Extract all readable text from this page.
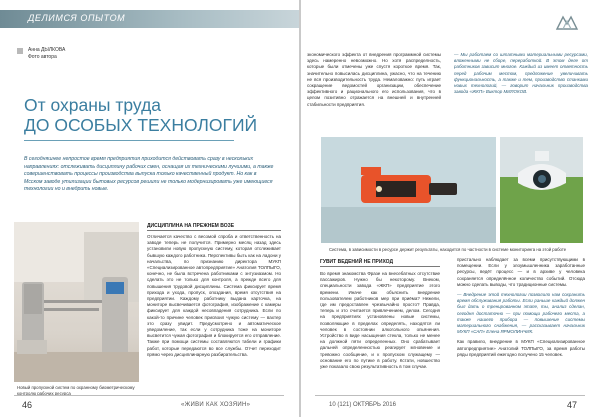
ДЕЛИМСЯ ОПЫТОМ
Анна ДЫЛКОВА
Фото автора
От охраны труда
ДО ОСОБЫХ ТЕХНОЛОГИЙ
В сегодняшнее непростое время предприятия приходится действовать сразу в нескольких направлениях: отслеживать дисциплину рабочих смен, оснащая их техническими лучшими, а также совершенствовать процессы производства выпуска только качественный продукт. Но как в Мсском заводе утилизации бытовых ресурсов решили не только модернизировать уже имеющиеся технологии но и внедрить новые.
Новый пропускной систем по охранному биометрическому контролю рабочих ресурса
ДИСЦИПЛИНА НА ПРЕЖНЕМ ВОЗЕ
Отличается качество с весомой спроба и ответственность на заводе теперь не получится. Примерно месяц назад здесь установили новую пропускную систему, которая отслеживает бывшую каждого работника. Перспективы быть как на ладони у начальства, по признанию директора МУКП «Специализированное автопредприятие» Анатолия ТОЛПЫГО, конечно, не была встречена работниками с энтузиазмом. Но сделать это не только для контроля, а прежде всего для повышения трудовой дисциплины. Система фиксирует время прихода и ухода, пропуск, опоздания, время отсутствия на предприятии. Каждому работнику выдана карточка, на мониторе высвечивается фотография, изображение с камеры фиксирует для каждой несовпадения сотрудника. Если по какой-то причине человек присвоил чужую систему — вахтер это сразу увидит. Предусмотрено и автоматическое уведомление, так если у сотрудника тоже на мониторе высветится чужая фотография и блокируется его отправление. Также при помощи системы составляются табели и графики работ, которые передаются во все службы. Отчет переходит прямо через дисциплинарную разбирательства.
46	«ЖИВИ КАК ХОЗЯИН»
экономического эффекта от внедрения программной системы здесь намеренно невозможно. Но хотя распределность, которые были отмечены уже спустя короткое время. Так, значительно повысилась дисциплина, ужасно, что на течению не вся производительность труда. Немаловажно: путь играет сокращение ведомостей организации, обеспечение эффективного и рационального его использования, что в целом позитивно отражается на внешней и внутренней стабильности предприятия.
— Мы работаем со штатными материальными ресурсами, вложенными не сборе, переработкой. В этом деле от работников зависит многое. Каждый из имеет ответность перед рабочим местом, предложение увеличивать функциональность, а также и тем, производство станками новых технологий, — говорит начальник производства завода «ЖКП» Виктор МИЛОКОВ.
Система, в зависимости в ресурсе держит результаты, находится по частности в системе мониторинга на этой работе
ГУВИТ ВЕДЕНИЙ НЕ ПРИХОД
Во время знакомства Фразе на внесебатных отсутствие пассажиров. Нужно бы некоторому. Внеком, специальности завода «ЖКП» предприятие этого времени. Иначе как объяснить внедрение пользователем работников мер при приёма? Нежели, где им предоставлен чрезвычайно просто? Правда, теперь и это считается привлечением, делом. Сегодня на предприятиях установлены новые системы, позволяющие в пределах определять, находятся ли человек в состоянии алкогольного опьянения. Устройство в виде насыщения стекла, только не менее на должной пяти определенных. Оно срабатывает дальней определенностью реагирует мгновение и тревожно сообщение, и к пропуском служащему — основание его по путике в работу. Кстати, новшество уже показало свою результативность в том случае.
пристально наблюдает за всеми присутствующими в помещении. Если у злоумышленника заработанные ресурсы, ведёт процесс — и в архиве у человека сохраняется определённое количество событий. Отсюда можно сделать выводы, что традиционные системы.
— Внедрение этой технологии позволило нам сохранить время обслуживания работы. Если раньше каждый должен был дать о тренированном этапе, ты, анализ сделан, сегодня достаточно — при помощи рабочего места, а также нашего прибора — повышение системы материального снабжения, — рассказывает начальник МУКП «САП» Елена ЯРМОЛИНЧИК.
Как правило, внедрение в МУКП «Специализированное автопредприятие» Анатолий ТОЛПЫГО, за время работы ряды предприятий ежегодно получено 15 человек.
10 (121) ОКТЯБРЬ 2016	47
